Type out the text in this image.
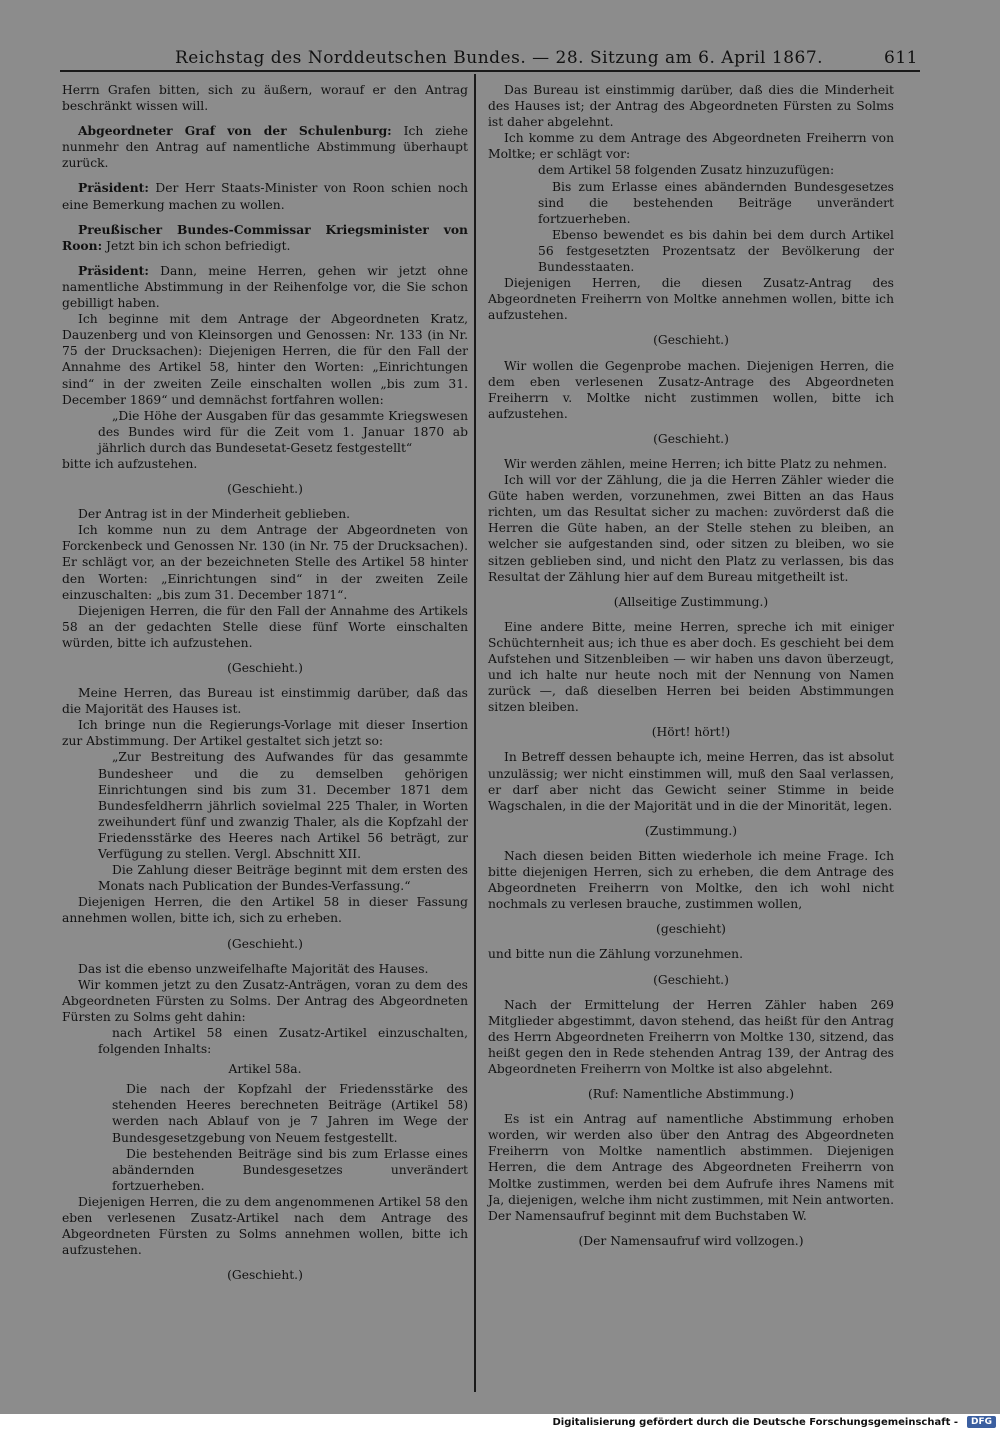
Reichstag des Norddeutschen Bundes. — 28. Sitzung am 6. April 1867.	611

Herrn Grafen bitten, sich zu äußern, worauf er den Antrag beschränkt wissen will.

Abgeordneter Graf von der Schulenburg: Ich ziehe nunmehr den Antrag auf namentliche Abstimmung überhaupt zurück.

Präsident: Der Herr Staats-Minister von Roon schien noch eine Bemerkung machen zu wollen.

Preußischer Bundes-Commissar Kriegsminister von Roon: Jetzt bin ich schon befriedigt.

Präsident: Dann, meine Herren, gehen wir jetzt ohne namentliche Abstimmung in der Reihenfolge vor, die Sie schon gebilligt haben.

Ich beginne mit dem Antrage der Abgeordneten Kratz, Dauzenberg und von Kleinsorgen und Genossen: Nr. 133 (in Nr. 75 der Drucksachen): Diejenigen Herren, die für den Fall der Annahme des Artikel 58, hinter den Worten: „Einrichtungen sind“ in der zweiten Zeile einschalten wollen „bis zum 31. December 1869“ und demnächst fortfahren wollen:

„Die Höhe der Ausgaben für das gesammte Kriegswesen des Bundes wird für die Zeit vom 1. Januar 1870 ab jährlich durch das Bundesetat-Gesetz festgestellt“

bitte ich aufzustehen.

(Geschieht.)

Der Antrag ist in der Minderheit geblieben.

Ich komme nun zu dem Antrage der Abgeordneten von Forckenbeck und Genossen Nr. 130 (in Nr. 75 der Drucksachen). Er schlägt vor, an der bezeichneten Stelle des Artikel 58 hinter den Worten: „Einrichtungen sind“ in der zweiten Zeile einzuschalten: „bis zum 31. December 1871“.

Diejenigen Herren, die für den Fall der Annahme des Artikels 58 an der gedachten Stelle diese fünf Worte einschalten würden, bitte ich aufzustehen.

(Geschieht.)

Meine Herren, das Bureau ist einstimmig darüber, daß das die Majorität des Hauses ist.

Ich bringe nun die Regierungs-Vorlage mit dieser Insertion zur Abstimmung. Der Artikel gestaltet sich jetzt so:

„Zur Bestreitung des Aufwandes für das gesammte Bundesheer und die zu demselben gehörigen Einrichtungen sind bis zum 31. December 1871 dem Bundesfeldherrn jährlich sovielmal 225 Thaler, in Worten zweihundert fünf und zwanzig Thaler, als die Kopfzahl der Friedensstärke des Heeres nach Artikel 56 beträgt, zur Verfügung zu stellen. Vergl. Abschnitt XII.

Die Zahlung dieser Beiträge beginnt mit dem ersten des Monats nach Publication der Bundes-Verfassung.“

Diejenigen Herren, die den Artikel 58 in dieser Fassung annehmen wollen, bitte ich, sich zu erheben.

(Geschieht.)

Das ist die ebenso unzweifelhafte Majorität des Hauses.

Wir kommen jetzt zu den Zusatz-Anträgen, voran zu dem des Abgeordneten Fürsten zu Solms. Der Antrag des Abgeordneten Fürsten zu Solms geht dahin:

nach Artikel 58 einen Zusatz-Artikel einzuschalten, folgenden Inhalts:

Artikel 58a.

Die nach der Kopfzahl der Friedensstärke des stehenden Heeres berechneten Beiträge (Artikel 58) werden nach Ablauf von je 7 Jahren im Wege der Bundesgesetzgebung von Neuem festgestellt.

Die bestehenden Beiträge sind bis zum Erlasse eines abändernden Bundesgesetzes unverändert fortzuerheben.

Diejenigen Herren, die zu dem angenommenen Artikel 58 den eben verlesenen Zusatz-Artikel nach dem Antrage des Abgeordneten Fürsten zu Solms annehmen wollen, bitte ich aufzustehen.

(Geschieht.)

Das Bureau ist einstimmig darüber, daß dies die Minderheit des Hauses ist; der Antrag des Abgeordneten Fürsten zu Solms ist daher abgelehnt.

Ich komme zu dem Antrage des Abgeordneten Freiherrn von Moltke; er schlägt vor:

dem Artikel 58 folgenden Zusatz hinzuzufügen:

Bis zum Erlasse eines abändernden Bundesgesetzes sind die bestehenden Beiträge unverändert fortzuerheben.

Ebenso bewendet es bis dahin bei dem durch Artikel 56 festgesetzten Prozentsatz der Bevölkerung der Bundesstaaten.

Diejenigen Herren, die diesen Zusatz-Antrag des Abgeordneten Freiherrn von Moltke annehmen wollen, bitte ich aufzustehen.

(Geschieht.)

Wir wollen die Gegenprobe machen. Diejenigen Herren, die dem eben verlesenen Zusatz-Antrage des Abgeordneten Freiherrn v. Moltke nicht zustimmen wollen, bitte ich aufzustehen.

(Geschieht.)

Wir werden zählen, meine Herren; ich bitte Platz zu nehmen.

Ich will vor der Zählung, die ja die Herren Zähler wieder die Güte haben werden, vorzunehmen, zwei Bitten an das Haus richten, um das Resultat sicher zu machen: zuvörderst daß die Herren die Güte haben, an der Stelle stehen zu bleiben, an welcher sie aufgestanden sind, oder sitzen zu bleiben, wo sie sitzen geblieben sind, und nicht den Platz zu verlassen, bis das Resultat der Zählung hier auf dem Bureau mitgetheilt ist.

(Allseitige Zustimmung.)

Eine andere Bitte, meine Herren, spreche ich mit einiger Schüchternheit aus; ich thue es aber doch. Es geschieht bei dem Aufstehen und Sitzenbleiben — wir haben uns davon überzeugt, und ich halte nur heute noch mit der Nennung von Namen zurück —, daß dieselben Herren bei beiden Abstimmungen sitzen bleiben.

(Hört! hört!)

In Betreff dessen behaupte ich, meine Herren, das ist absolut unzulässig; wer nicht einstimmen will, muß den Saal verlassen, er darf aber nicht das Gewicht seiner Stimme in beide Wagschalen, in die der Majorität und in die der Minorität, legen.

(Zustimmung.)

Nach diesen beiden Bitten wiederhole ich meine Frage. Ich bitte diejenigen Herren, sich zu erheben, die dem Antrage des Abgeordneten Freiherrn von Moltke, den ich wohl nicht nochmals zu verlesen brauche, zustimmen wollen,

(geschieht)

und bitte nun die Zählung vorzunehmen.

(Geschieht.)

Nach der Ermittelung der Herren Zähler haben 269 Mitglieder abgestimmt, davon stehend, das heißt für den Antrag des Herrn Abgeordneten Freiherrn von Moltke 130, sitzend, das heißt gegen den in Rede stehenden Antrag 139, der Antrag des Abgeordneten Freiherrn von Moltke ist also abgelehnt.

(Ruf: Namentliche Abstimmung.)

Es ist ein Antrag auf namentliche Abstimmung erhoben worden, wir werden also über den Antrag des Abgeordneten Freiherrn von Moltke namentlich abstimmen. Diejenigen Herren, die dem Antrage des Abgeordneten Freiherrn von Moltke zustimmen, werden bei dem Aufrufe ihres Namens mit Ja, diejenigen, welche ihm nicht zustimmen, mit Nein antworten. Der Namensaufruf beginnt mit dem Buchstaben W.

(Der Namensaufruf wird vollzogen.)

Digitalisierung gefördert durch die Deutsche Forschungsgemeinschaft -	DFG
